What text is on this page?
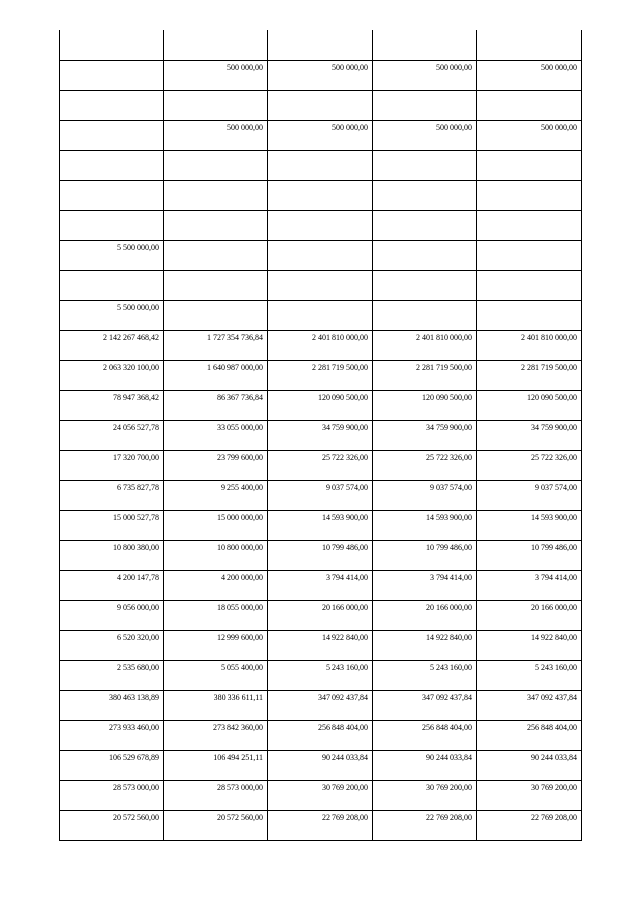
	500 000,00	500 000,00	500 000,00	500 000,00

	500 000,00	500 000,00	500 000,00	500 000,00

5 500 000,00				

5 500 000,00				

2 142 267 468,42	1 727 354 736,84	2 401 810 000,00	2 401 810 000,00	2 401 810 000,00

2 063 320 100,00	1 640 987 000,00	2 281 719 500,00	2 281 719 500,00	2 281 719 500,00

78 947 368,42	86 367 736,84	120 090 500,00	120 090 500,00	120 090 500,00

24 056 527,78	33 055 000,00	34 759 900,00	34 759 900,00	34 759 900,00

17 320 700,00	23 799 600,00	25 722 326,00	25 722 326,00	25 722 326,00

6 735 827,78	9 255 400,00	9 037 574,00	9 037 574,00	9 037 574,00

15 000 527,78	15 000 000,00	14 593 900,00	14 593 900,00	14 593 900,00

10 800 380,00	10 800 000,00	10 799 486,00	10 799 486,00	10 799 486,00

4 200 147,78	4 200 000,00	3 794 414,00	3 794 414,00	3 794 414,00

9 056 000,00	18 055 000,00	20 166 000,00	20 166 000,00	20 166 000,00

6 520 320,00	12 999 600,00	14 922 840,00	14 922 840,00	14 922 840,00

2 535 680,00	5 055 400,00	5 243 160,00	5 243 160,00	5 243 160,00

380 463 138,89	380 336 611,11	347 092 437,84	347 092 437,84	347 092 437,84

273 933 460,00	273 842 360,00	256 848 404,00	256 848 404,00	256 848 404,00

106 529 678,89	106 494 251,11	90 244 033,84	90 244 033,84	90 244 033,84

28 573 000,00	28 573 000,00	30 769 200,00	30 769 200,00	30 769 200,00

20 572 560,00	20 572 560,00	22 769 208,00	22 769 208,00	22 769 208,00
